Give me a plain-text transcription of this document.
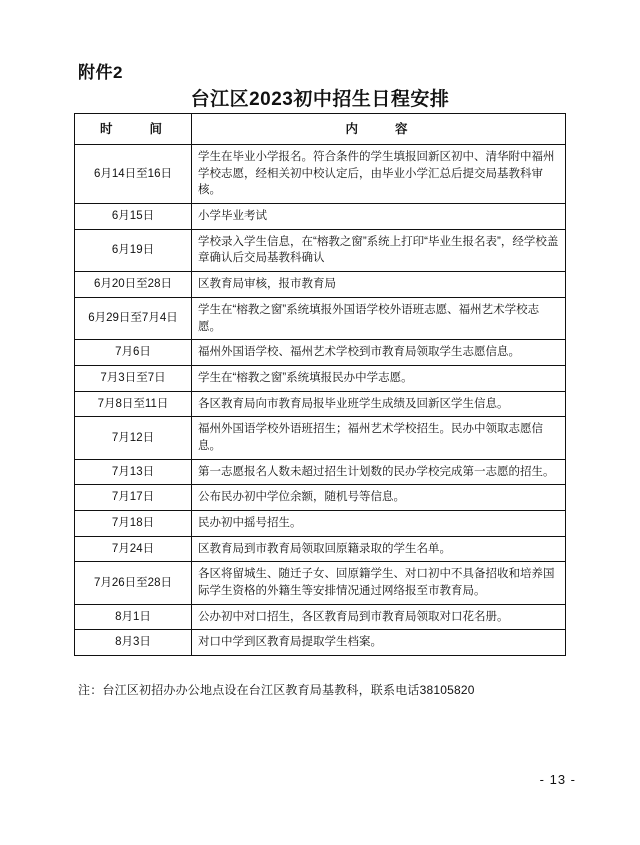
附件2
台江区2023初中招生日程安排
时　　间	内　　容
6月14日至16日	学生在毕业小学报名。符合条件的学生填报回新区初中、清华附中福州学校志愿，经相关初中校认定后，由毕业小学汇总后提交局基教科审核。
6月15日	小学毕业考试
6月19日	学校录入学生信息，在“榕教之窗”系统上打印“毕业生报名表”，经学校盖章确认后交局基教科确认
6月20日至28日	区教育局审核，报市教育局
6月29日至7月4日	学生在“榕教之窗”系统填报外国语学校外语班志愿、福州艺术学校志愿。
7月6日	福州外国语学校、福州艺术学校到市教育局领取学生志愿信息。
7月3日至7日	学生在“榕教之窗”系统填报民办中学志愿。
7月8日至11日	各区教育局向市教育局报毕业班学生成绩及回新区学生信息。
7月12日	福州外国语学校外语班招生；福州艺术学校招生。民办中领取志愿信息。
7月13日	第一志愿报名人数未超过招生计划数的民办学校完成第一志愿的招生。
7月17日	公布民办初中学位余额，随机号等信息。
7月18日	民办初中摇号招生。
7月24日	区教育局到市教育局领取回原籍录取的学生名单。
7月26日至28日	各区将留城生、随迁子女、回原籍学生、对口初中不具备招收和培养国际学生资格的外籍生等安排情况通过网络报至市教育局。
8月1日	公办初中对口招生，各区教育局到市教育局领取对口花名册。
8月3日	对口中学到区教育局提取学生档案。
注：台江区初招办办公地点设在台江区教育局基教科，联系电话38105820
- 13 -
